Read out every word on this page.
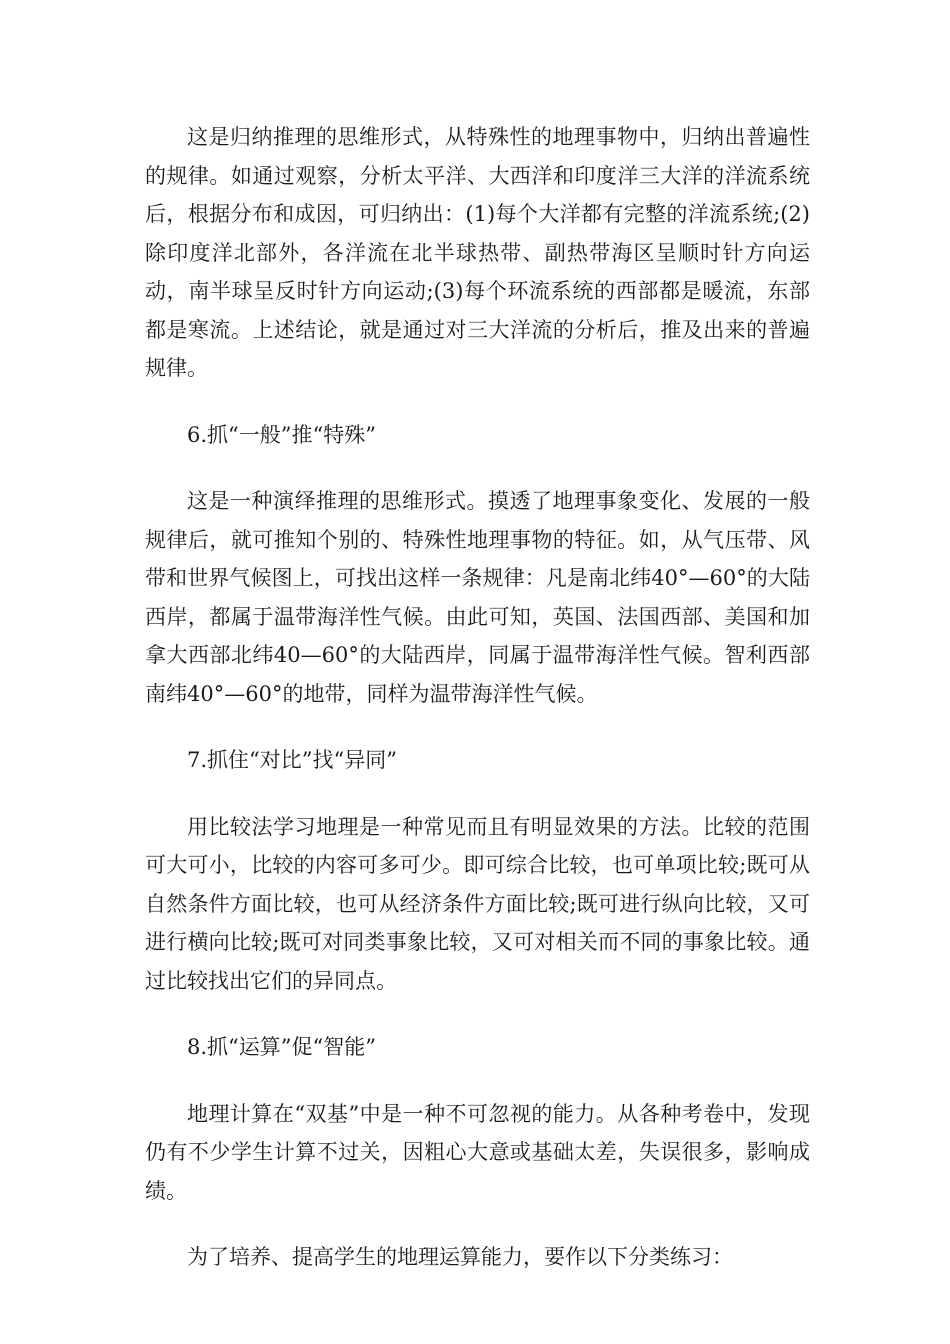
这是归纳推理的思维形式，从特殊性的地理事物中，归纳出普遍性的规律。如通过观察，分析太平洋、大西洋和印度洋三大洋的洋流系统后，根据分布和成因，可归纳出：(1)每个大洋都有完整的洋流系统;(2)除印度洋北部外，各洋流在北半球热带、副热带海区呈顺时针方向运动，南半球呈反时针方向运动;(3)每个环流系统的西部都是暖流，东部都是寒流。上述结论，就是通过对三大洋流的分析后，推及出来的普遍规律。

6.抓“一般”推“特殊”

这是一种演绎推理的思维形式。摸透了地理事象变化、发展的一般规律后，就可推知个别的、特殊性地理事物的特征。如，从气压带、风带和世界气候图上，可找出这样一条规律：凡是南北纬40°—60°的大陆西岸，都属于温带海洋性气候。由此可知，英国、法国西部、美国和加拿大西部北纬40—60°的大陆西岸，同属于温带海洋性气候。智利西部南纬40°—60°的地带，同样为温带海洋性气候。

7.抓住“对比”找“异同”

用比较法学习地理是一种常见而且有明显效果的方法。比较的范围可大可小，比较的内容可多可少。即可综合比较，也可单项比较;既可从自然条件方面比较，也可从经济条件方面比较;既可进行纵向比较，又可进行横向比较;既可对同类事象比较，又可对相关而不同的事象比较。通过比较找出它们的异同点。

8.抓“运算”促“智能”

地理计算在“双基”中是一种不可忽视的能力。从各种考卷中，发现仍有不少学生计算不过关，因粗心大意或基础太差，失误很多，影响成绩。

为了培养、提高学生的地理运算能力，要作以下分类练习：
